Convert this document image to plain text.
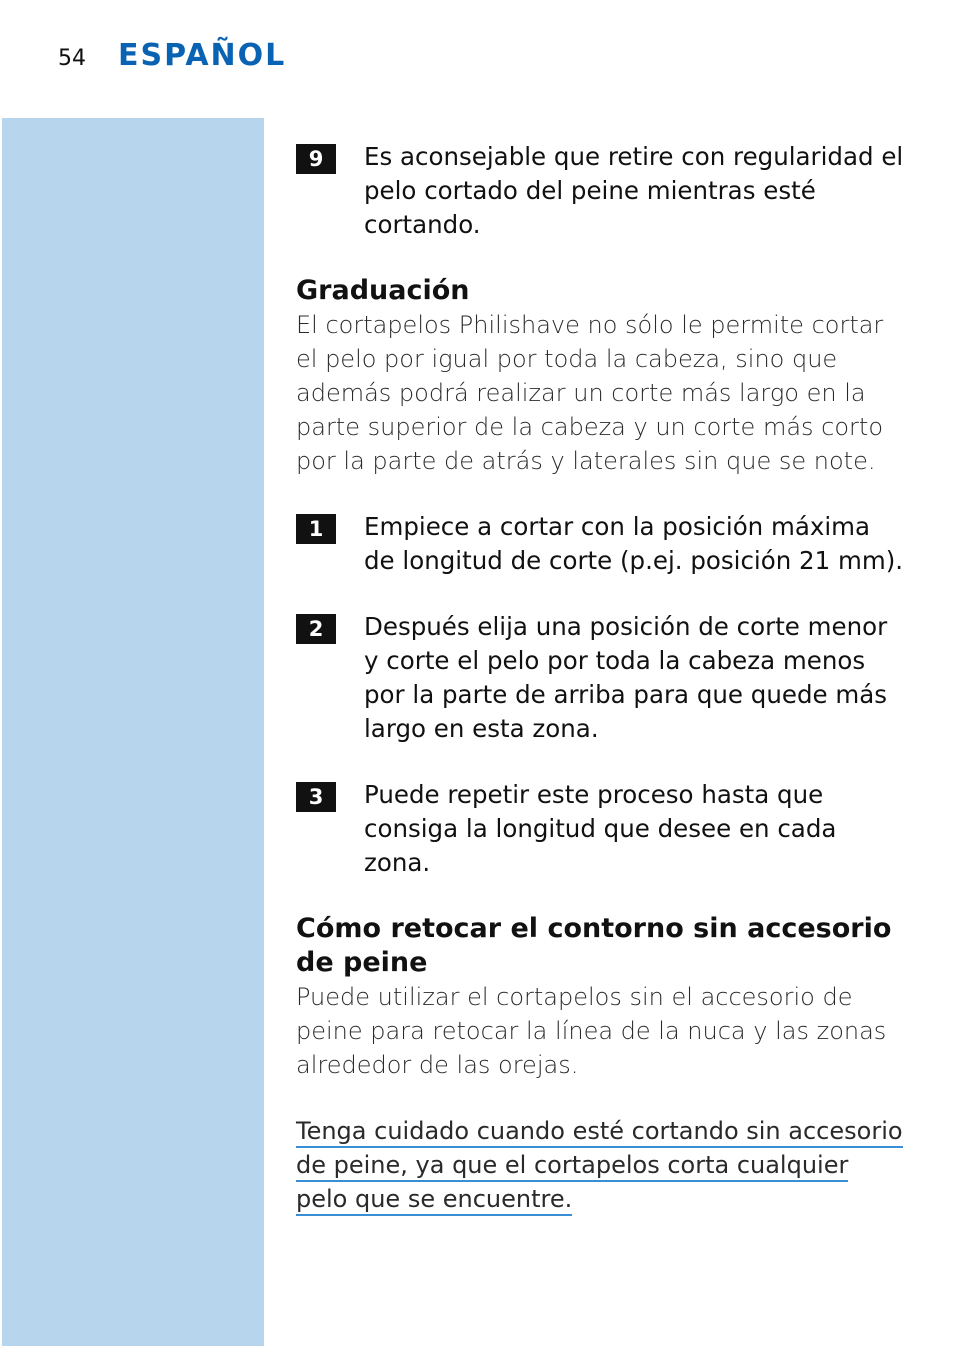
54 ESPAÑOL
9	Es aconsejable que retire con regularidad el pelo cortado del peine mientras esté cortando.
Graduación

El cortapelos Philishave no sólo le permite cortar el pelo por igual por toda la cabeza, sino que además podrá realizar un corte más largo en la parte superior de la cabeza y un corte más corto por la parte de atrás y laterales sin que se note.

1	Empiece a cortar con la posición máxima de longitud de corte (p.ej. posición 21 mm).
2	Después elija una posición de corte menor y corte el pelo por toda la cabeza menos por la parte de arriba para que quede más largo en esta zona.
3	Puede repetir este proceso hasta que consiga la longitud que desee en cada zona.
Cómo retocar el contorno sin accesorio de peine

Puede utilizar el cortapelos sin el accesorio de peine para retocar la línea de la nuca y las zonas alrededor de las orejas.

Tenga cuidado cuando esté cortando sin accesorio de peine, ya que el cortapelos corta cualquier pelo que se encuentre.
